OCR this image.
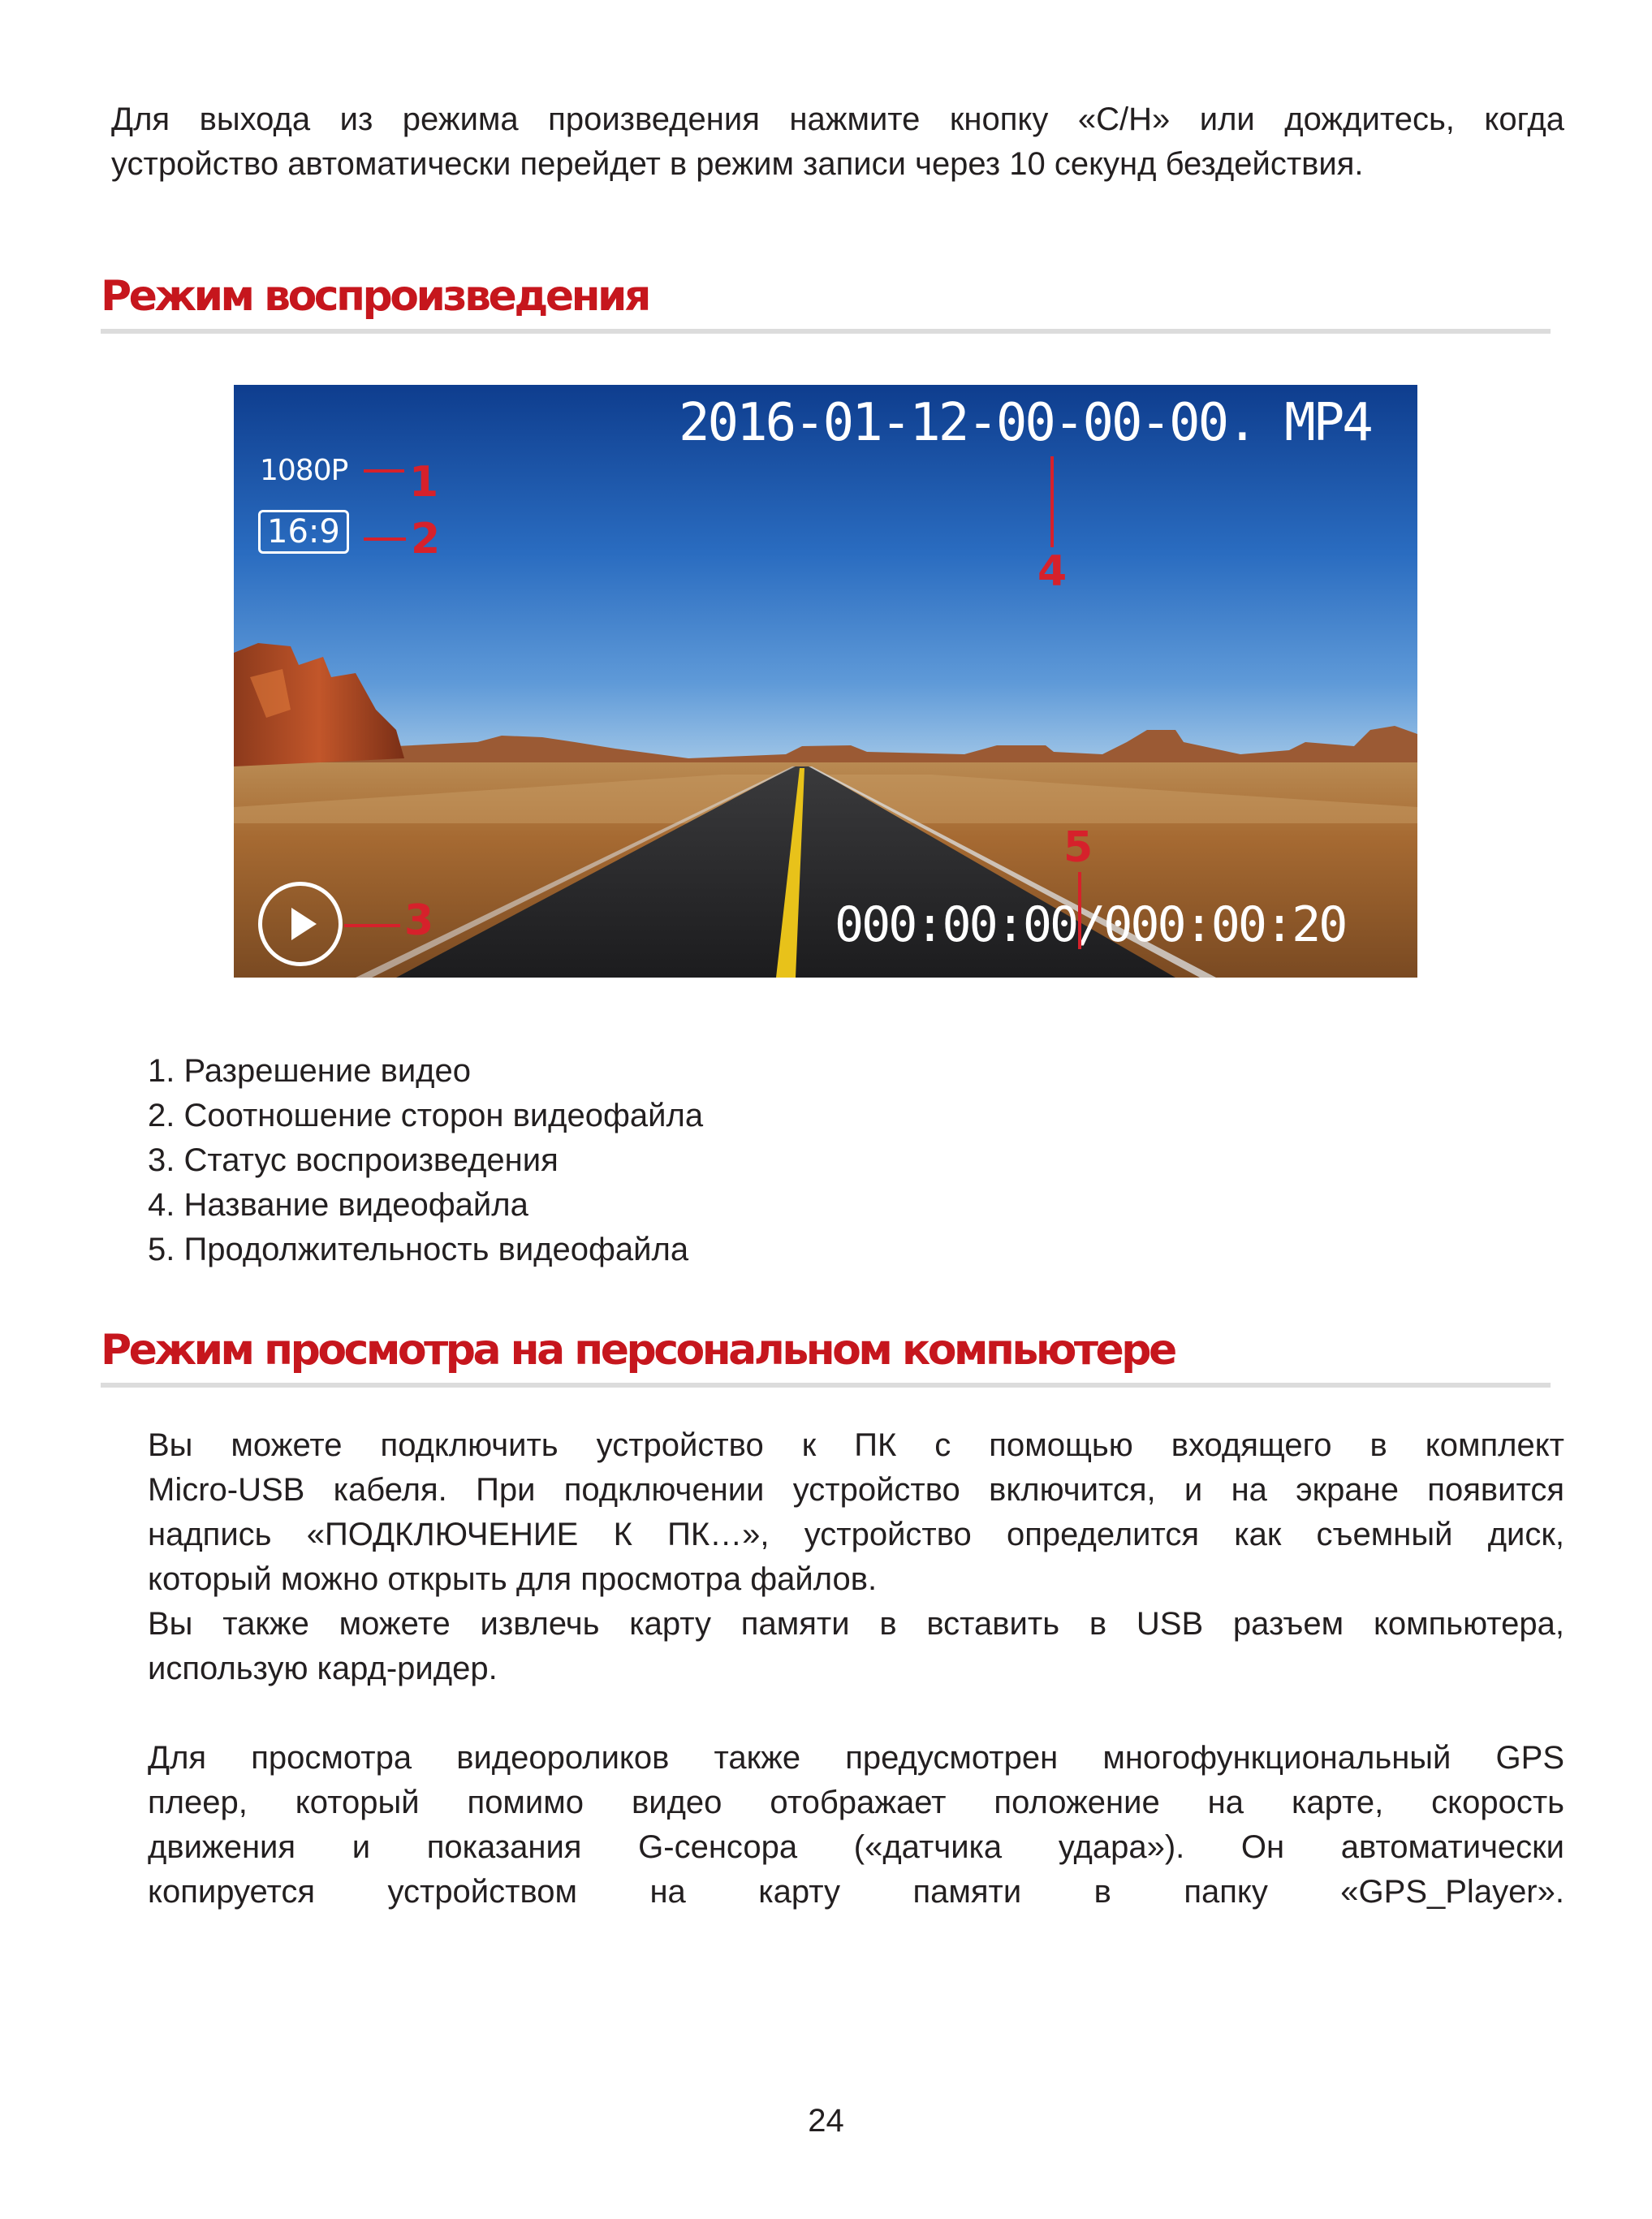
Для выхода из режима произведения нажмите кнопку «C/H» или дождитесь, когда
устройство автоматически перейдет в режим записи через 10 секунд бездействия.
Режим воспроизведения
2016-01-12-00-00-00. MP4
1080P
16:9
000:00:00/000:00:20
1
2
3
4
5
1. Разрешение видео
2. Соотношение сторон видеофайла
3. Статус воспроизведения
4. Название видеофайла
5. Продолжительность видеофайла
Режим просмотра на персональном компьютере
Вы можете подключить устройство к ПК с помощью входящего в комплект
Micro-USB кабеля. При подключении устройство включится, и на экране появится
надпись «ПОДКЛЮЧЕНИЕ К ПК…», устройство определится как съемный диск,
который можно открыть для просмотра файлов.
Вы также можете извлечь карту памяти в вставить в USB разъем компьютера,
использую кард-ридер.
Для просмотра видеороликов также предусмотрен многофункциональный GPS
плеер, который помимо видео отображает положение на карте, скорость
движения и показания G-сенсора («датчика удара»). Он автоматически
копируется устройством на карту памяти в папку «GPS_Player».
24
